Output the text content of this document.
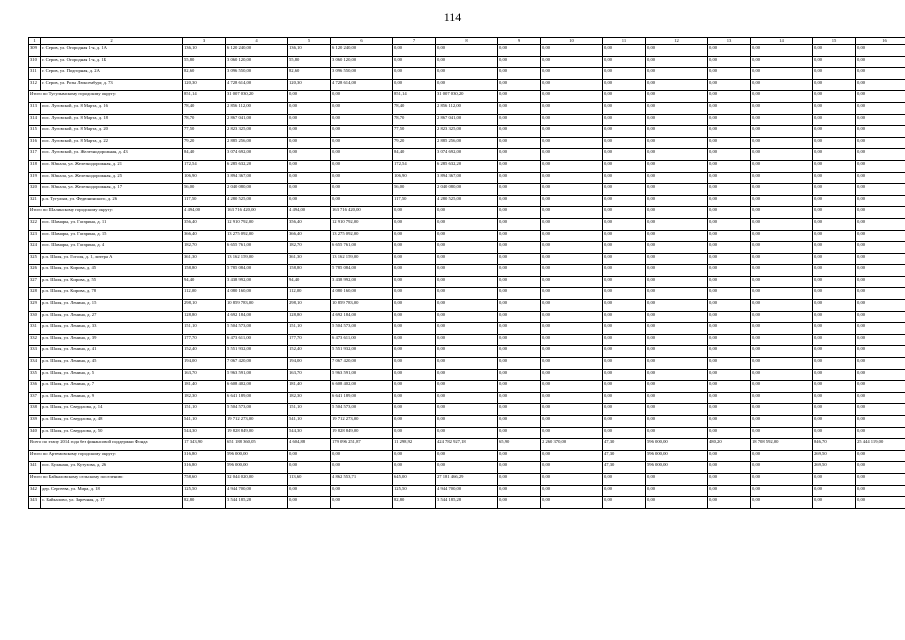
114
1	2	3	4	5	6	7	8	9	10	11	12	13	14	15	16
309	г. Серов, ул. Огородная 1-я, д. 1А	136,10	6 120 240,00	136,10	6 120 240,00	0,00	0,00	0,00	0,00	0,00	0,00	0,00	0,00	0,00	0,00
310	г. Серов, ул. Огородная 1-я, д. 1Б	55,80	3 060 120,00	55,80	3 060 120,00	0,00	0,00	0,00	0,00	0,00	0,00	0,00	0,00	0,00	0,00
311	г. Серов, ул. Подгорная, д. 2А	82,60	3 096 550,00	82,60	3 096 550,00	0,00	0,00	0,00	0,00	0,00	0,00	0,00	0,00	0,00	0,00
312	г. Серов, ул. Розы Люксембург, д. 73	120,30	4 728 614,00	120,30	4 728 614,00	0,00	0,00	0,00	0,00	0,00	0,00	0,00	0,00	0,00	0,00
Итого по Тугулымскому городскому округу:		851,14	31 007 030,20	0,00	0,00	851,14	31 007 030,20	0,00	0,00	0,00	0,00	0,00	0,00	0,00	0,00
313	пос. Луговской, ул. 8 Марта, д. 16	78,40	2 856 112,00	0,00	0,00	78,40	2 856 112,00	0,00	0,00	0,00	0,00	0,00	0,00	0,00	0,00
314	пос. Луговской, ул. 8 Марта, д. 18	78,70	2 867 041,00	0,00	0,00	78,70	2 867 041,00	0,00	0,00	0,00	0,00	0,00	0,00	0,00	0,00
315	пос. Луговской, ул. 8 Марта, д. 20	77,50	2 823 325,00	0,00	0,00	77,50	2 823 325,00	0,00	0,00	0,00	0,00	0,00	0,00	0,00	0,00
316	пос. Луговской, ул. 8 Марта, д. 22	79,20	2 885 256,00	0,00	0,00	79,20	2 885 256,00	0,00	0,00	0,00	0,00	0,00	0,00	0,00	0,00
317	пос. Луговской, ул. Железнодорожная, д. 43	84,40	3 074 692,00	0,00	0,00	84,40	3 074 692,00	0,00	0,00	0,00	0,00	0,00	0,00	0,00	0,00
318	пос. Юшала, ул. Железнодорожная, д. 21	172,54	6 285 632,20	0,00	0,00	172,54	6 285 632,20	0,00	0,00	0,00	0,00	0,00	0,00	0,00	0,00
319	пос. Юшала, ул. Железнодорожная, д. 25	106,90	3 894 367,00	0,00	0,00	106,90	3 894 367,00	0,00	0,00	0,00	0,00	0,00	0,00	0,00	0,00
320	пос. Юшала, ул. Железнодорожная, д. 17	56,00	2 040 080,00	0,00	0,00	56,00	2 040 080,00	0,00	0,00	0,00	0,00	0,00	0,00	0,00	0,00
321	р.п. Тугулым, ул. Федюнинского, д. 26	117,50	4 280 525,00	0,00	0,00	117,50	4 280 525,00	0,00	0,00	0,00	0,00	0,00	0,00	0,00	0,00
Итого по Шалинскому городскому округу:		4 494,00	163 716 420,00	4 494,00	163 716 420,00	0,00	0,00	0,00	0,00	0,00	0,00	0,00	0,00	0,00	0,00
322	пос. Шамары, ул. Гагарина, д. 11	356,40	12 910 792,00	356,40	12 910 792,00	0,00	0,00	0,00	0,00	0,00	0,00	0,00	0,00	0,00	0,00
323	пос. Шамары, ул. Гагарина, д. 15	366,40	13 275 092,00	366,40	13 275 092,00	0,00	0,00	0,00	0,00	0,00	0,00	0,00	0,00	0,00	0,00
324	пос. Шамары, ул. Гагарина, д. 4	182,70	6 655 761,00	182,70	6 655 761,00	0,00	0,00	0,00	0,00	0,00	0,00	0,00	0,00	0,00	0,00
325	р.п. Шаля, ул. Гоголя, д. 1, литера А	361,30	13 162 159,00	361,30	13 162 159,00	0,00	0,00	0,00	0,00	0,00	0,00	0,00	0,00	0,00	0,00
326	р.п. Шаля, ул. Кирова, д. 45	158,80	5 785 084,00	158,80	5 785 084,00	0,00	0,00	0,00	0,00	0,00	0,00	0,00	0,00	0,00	0,00
327	р.п. Шаля, ул. Кирова, д. 55	94,40	3 438 992,00	94,40	3 438 992,00	0,00	0,00	0,00	0,00	0,00	0,00	0,00	0,00	0,00	0,00
328	р.п. Шаля, ул. Кирова, д. 78	112,00	4 080 160,00	112,00	4 080 160,00	0,00	0,00	0,00	0,00	0,00	0,00	0,00	0,00	0,00	0,00
329	р.п. Шаля, ул. Ленина, д. 15	298,10	10 859 783,00	298,10	10 859 783,00	0,00	0,00	0,00	0,00	0,00	0,00	0,00	0,00	0,00	0,00
330	р.п. Шаля, ул. Ленина, д. 27	128,80	4 692 184,00	128,80	4 692 184,00	0,00	0,00	0,00	0,00	0,00	0,00	0,00	0,00	0,00	0,00
331	р.п. Шаля, ул. Ленина, д. 33	151,10	5 504 573,00	151,10	5 504 573,00	0,00	0,00	0,00	0,00	0,00	0,00	0,00	0,00	0,00	0,00
332	р.п. Шаля, ул. Ленина, д. 39	177,70	6 473 611,00	177,70	6 473 611,00	0,00	0,00	0,00	0,00	0,00	0,00	0,00	0,00	0,00	0,00
333	р.п. Шаля, ул. Ленина, д. 41	152,40	5 551 932,00	152,40	5 551 932,00	0,00	0,00	0,00	0,00	0,00	0,00	0,00	0,00	0,00	0,00
334	р.п. Шаля, ул. Ленина, д. 45	194,00	7 067 420,00	194,00	7 067 420,00	0,00	0,00	0,00	0,00	0,00	0,00	0,00	0,00	0,00	0,00
335	р.п. Шаля, ул. Ленина, д. 5	163,70	5 963 591,00	163,70	5 963 591,00	0,00	0,00	0,00	0,00	0,00	0,00	0,00	0,00	0,00	0,00
336	р.п. Шаля, ул. Ленина, д. 7	181,40	6 608 402,00	181,40	6 608 402,00	0,00	0,00	0,00	0,00	0,00	0,00	0,00	0,00	0,00	0,00
337	р.п. Шаля, ул. Ленина, д. 9	182,30	6 641 189,00	182,30	6 641 189,00	0,00	0,00	0,00	0,00	0,00	0,00	0,00	0,00	0,00	0,00
338	р.п. Шаля, ул. Свердлова, д. 14	151,10	5 504 573,00	151,10	5 504 573,00	0,00	0,00	0,00	0,00	0,00	0,00	0,00	0,00	0,00	0,00
339	р.п. Шаля, ул. Свердлова, д. 48	541,10	19 712 273,00	541,10	19 712 273,00	0,00	0,00	0,00	0,00	0,00	0,00	0,00	0,00	0,00	0,00
340	р.п. Шаля, ул. Свердлова, д. 50	544,30	19 828 849,00	544,30	19 828 849,00	0,00	0,00	0,00	0,00	0,00	0,00	0,00	0,00	0,00	0,00
Всего по этапу 2014 года без финансовой поддержки Фонда		17 343,90	651 188 360,05	4 604,88	179 096 251,87	11 298,92	424 782 927,18	65,90	2 260 370,00	47,30	596 000,00	480,20	18 708 592,00	846,70	25 444 119,00
Итого по Артемовскому городскому округу:		316,80	596 000,00	0,00	0,00	0,00	0,00	0,00	0,00	47,30	596 000,00	0,00	0,00	269,50	0,00
341	пос. Буланаш, ул. Кутузова, д. 26	316,80	596 000,00	0,00	0,00	0,00	0,00	0,00	0,00	47,30	596 000,00	0,00	0,00	269,50	0,00
Итого по Байкаловскому сельскому поселению:		758,60	32 044 020,00	113,60	4 862 553,71	645,00	27 181 466,29	0,00	0,00	0,00	0,00	0,00	0,00	0,00	0,00
342	дер. Сергеева, ул. Мира, д. 18	125,50	4 944 700,00	0,00	0,00	125,50	4 944 700,00	0,00	0,00	0,00	0,00	0,00	0,00	0,00	0,00
343	с. Байкалово, ул. Заречная, д. 17	82,80	3 544 185,28	0,00	0,00	82,80	3 544 185,28	0,00	0,00	0,00	0,00	0,00	0,00	0,00	0,00
